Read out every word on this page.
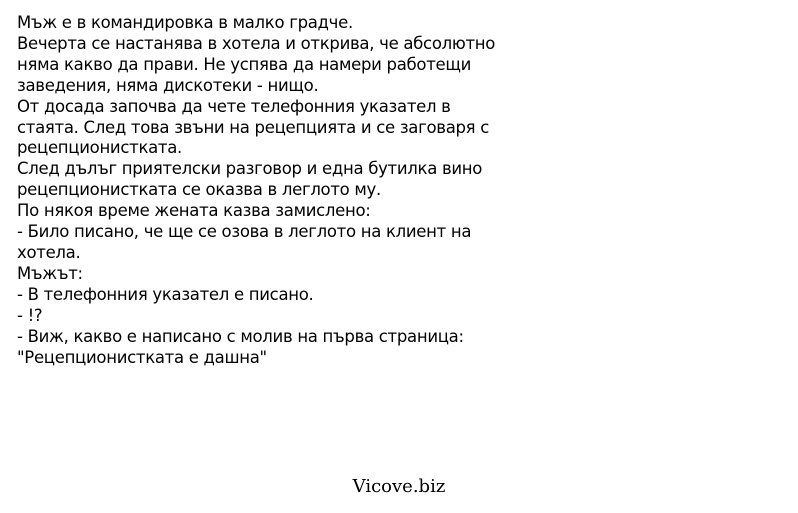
Мъж е в командировка в малко градче.
Вечерта се настанява в хотела и открива, че абсолютно
няма какво да прави. Не успява да намери работещи
заведения, няма дискотеки - нищо.
От досада започва да чете телефонния указател в
стаята. След това звъни на рецепцията и се заговаря с
рецепционистката.
След дълъг приятелски разговор и една бутилка вино
рецепционистката се оказва в леглото му.
По някоя време жената казва замислено:
- Било писано, че ще се озова в леглото на клиент на
хотела.
Мъжът:
- В телефонния указател е писано.
- !?
- Виж, какво е написано с молив на първа страница:
"Рецепционистката е дашна"
Vicove.biz
